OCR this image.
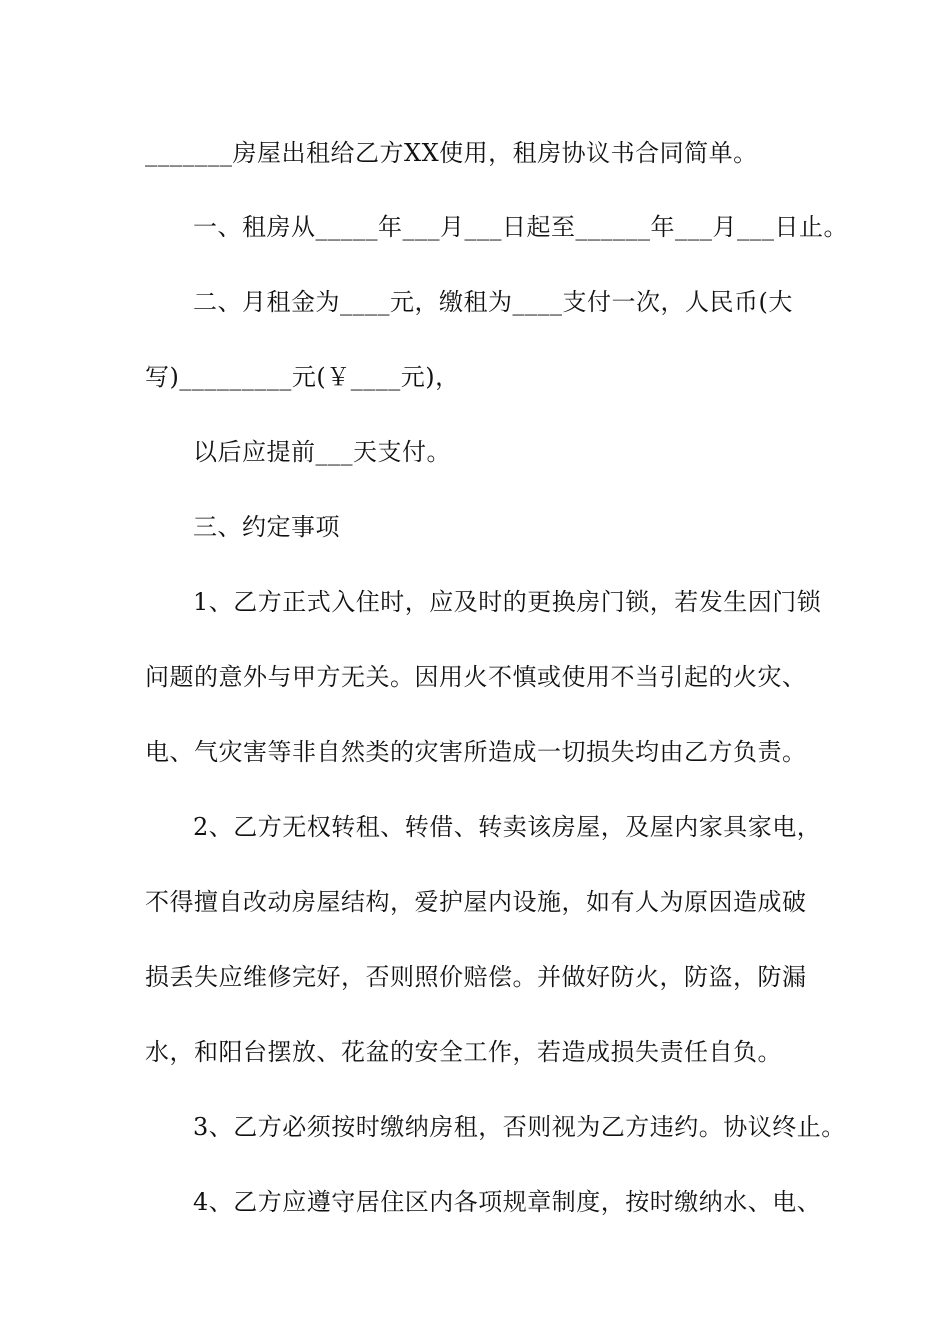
_______房屋出租给乙方XX使用，租房协议书合同简单。
一、租房从_____年___月___日起至______年___月___日止。
二、月租金为____元，缴租为____支付一次，人民币(大
写)_________元(￥____元)，
以后应提前___天支付。
三、约定事项
1、乙方正式入住时，应及时的更换房门锁，若发生因门锁
问题的意外与甲方无关。因用火不慎或使用不当引起的火灾、
电、气灾害等非自然类的灾害所造成一切损失均由乙方负责。
2、乙方无权转租、转借、转卖该房屋，及屋内家具家电，
不得擅自改动房屋结构，爱护屋内设施，如有人为原因造成破
损丢失应维修完好，否则照价赔偿。并做好防火，防盗，防漏
水，和阳台摆放、花盆的安全工作，若造成损失责任自负。
3、乙方必须按时缴纳房租，否则视为乙方违约。协议终止。
4、乙方应遵守居住区内各项规章制度，按时缴纳水、电、
